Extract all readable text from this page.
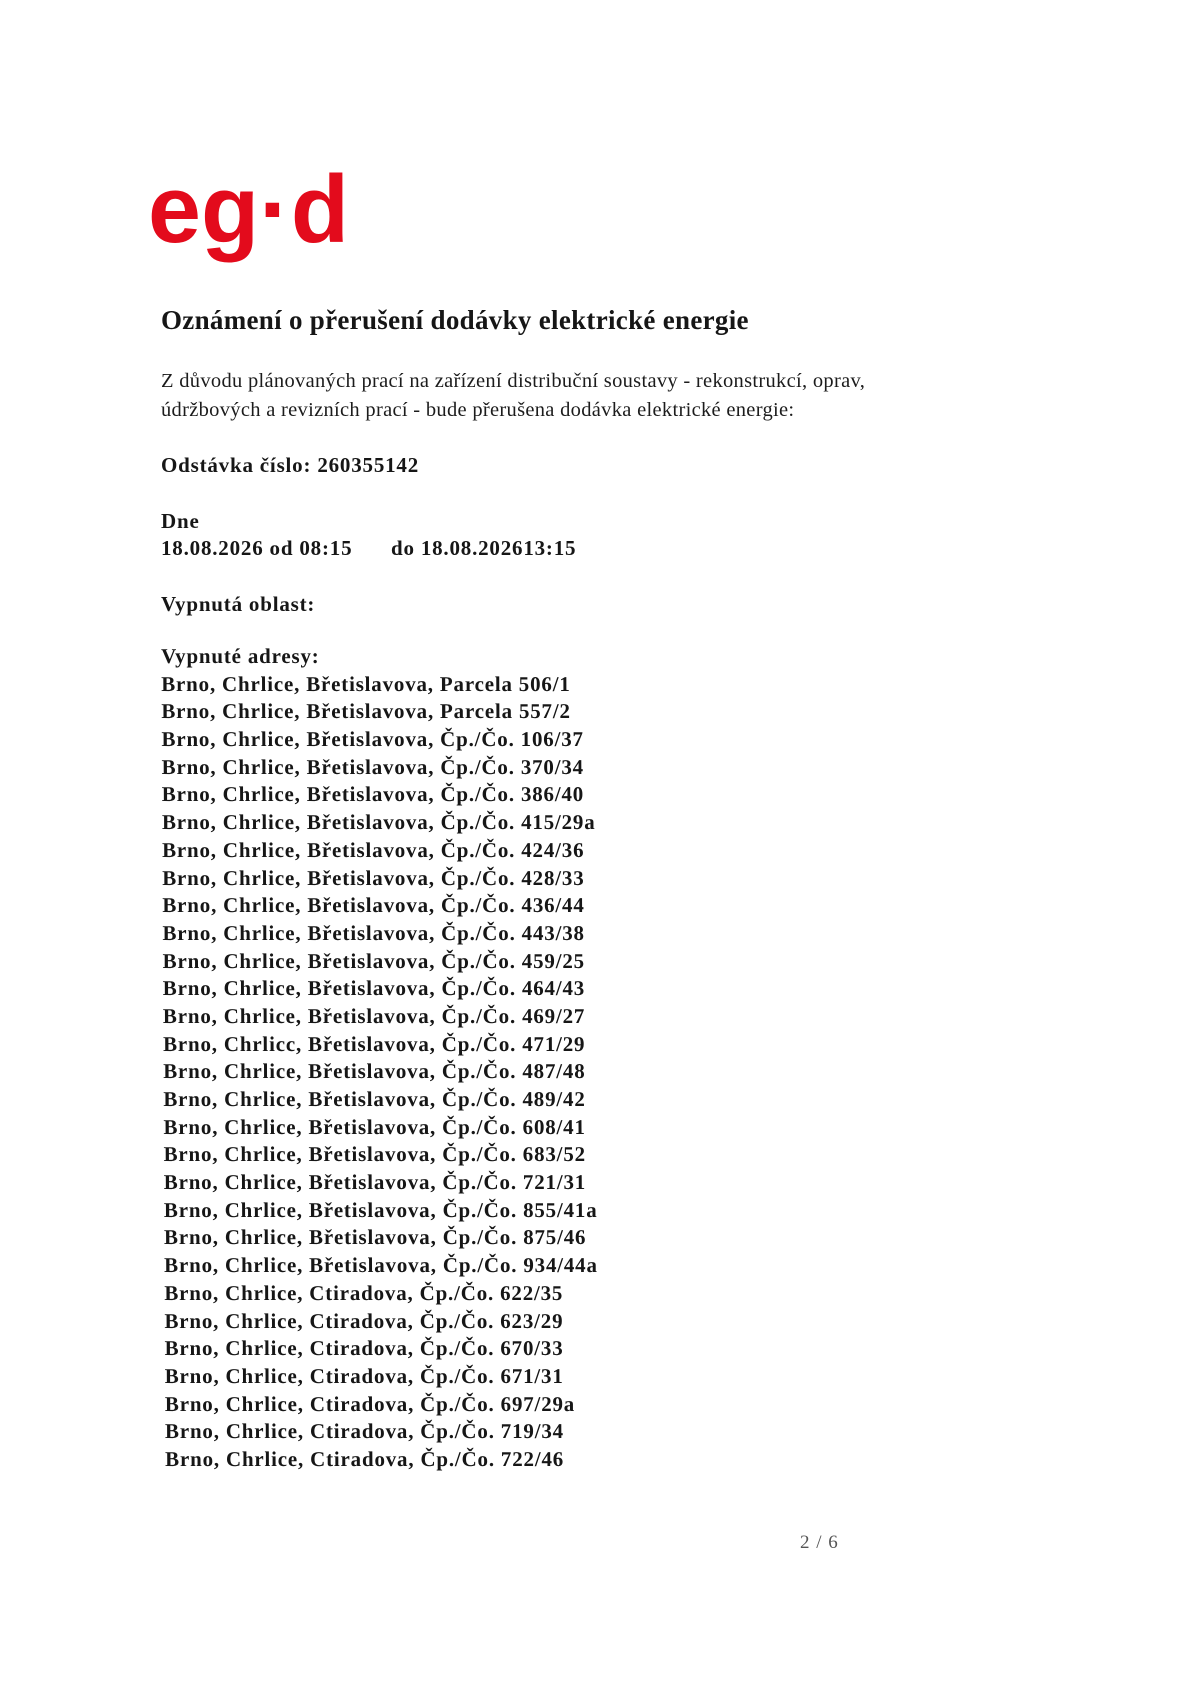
eg·d
Oznámení o přerušení dodávky elektrické energie
Z důvodu plánovaných prací na zařízení distribuční soustavy - rekonstrukcí, oprav,
údržbových a revizních prací - bude přerušena dodávka elektrické energie:
Odstávka číslo: 260355142
Dne
18.08.2026 od 08:15 do 18.08.202613:15
Vypnutá oblast:
Vypnuté adresy:
Brno, Chrlice, Břetislavova, Parcela 506/1
Brno, Chrlice, Břetislavova, Parcela 557/2
Brno, Chrlice, Břetislavova, Čp./Čo. 106/37
Brno, Chrlice, Břetislavova, Čp./Čo. 370/34
Brno, Chrlice, Břetislavova, Čp./Čo. 386/40
Brno, Chrlice, Břetislavova, Čp./Čo. 415/29a
Brno, Chrlice, Břetislavova, Čp./Čo. 424/36
Brno, Chrlice, Břetislavova, Čp./Čo. 428/33
Brno, Chrlice, Břetislavova, Čp./Čo. 436/44
Brno, Chrlice, Břetislavova, Čp./Čo. 443/38
Brno, Chrlice, Břetislavova, Čp./Čo. 459/25
Brno, Chrlice, Břetislavova, Čp./Čo. 464/43
Brno, Chrlice, Břetislavova, Čp./Čo. 469/27
Brno, Chrlicc, Břetislavova, Čp./Čo. 471/29
Brno, Chrlice, Břetislavova, Čp./Čo. 487/48
Brno, Chrlice, Břetislavova, Čp./Čo. 489/42
Brno, Chrlice, Břetislavova, Čp./Čo. 608/41
Brno, Chrlice, Břetislavova, Čp./Čo. 683/52
Brno, Chrlice, Břetislavova, Čp./Čo. 721/31
Brno, Chrlice, Břetislavova, Čp./Čo. 855/41a
Brno, Chrlice, Břetislavova, Čp./Čo. 875/46
Brno, Chrlice, Břetislavova, Čp./Čo. 934/44a
Brno, Chrlice, Ctiradova, Čp./Čo. 622/35
Brno, Chrlice, Ctiradova, Čp./Čo. 623/29
Brno, Chrlice, Ctiradova, Čp./Čo. 670/33
Brno, Chrlice, Ctiradova, Čp./Čo. 671/31
Brno, Chrlice, Ctiradova, Čp./Čo. 697/29a
Brno, Chrlice, Ctiradova, Čp./Čo. 719/34
Brno, Chrlice, Ctiradova, Čp./Čo. 722/46
2 / 6
